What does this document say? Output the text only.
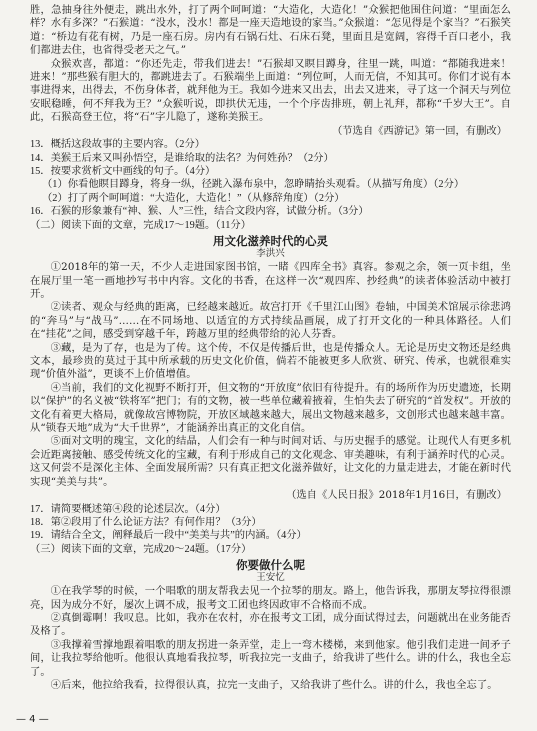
胜，急抽身往外便走，跳出水外，打了两个呵呵道：“大造化，大造化！”众猴把他围住问道：“里面怎么样？水有多深？”石猴道：“没水，没水！都是一座天造地设的家当。”众猴道：“怎见得是个家当？”石猴笑道：“桥边有花有树，乃是一座石房。房内有石锅石灶、石床石凳，里面且是宽阔，容得千百口老小，我们都进去住，也省得受老天之气。”

众猴欢喜，都道：“你还先走，带我们进去！”石猴却又瞑目蹲身，往里一跳，叫道：“都随我进来！进来！”那些猴有胆大的，都跳进去了。石猴端坐上面道：“列位呵，人而无信，不知其可。你们才说有本事进得来，出得去，不伤身体者，就拜他为王。我如今进来又出去，出去又进来，寻了这一个洞天与列位安眠稳睡，何不拜我为王？”众猴听说，即拱伏无违，一个个序齿排班，朝上礼拜，都称“千岁大王”。自此，石猴高登王位，将“石”字儿隐了，遂称美猴王。

（节选自《西游记》第一回，有删改）

13．概括这段故事的主要内容。（2分）

14．美猴王后来又叫孙悟空，是谁给取的法名？为何姓孙？（2分）

15．按要求赏析文中画线的句子。（4分）

（1）你看他瞑目蹲身，将身一纵，径跳入瀑布泉中，忽睁睛抬头观看。（从描写角度）（2分）

（2）打了两个呵呵道：“大造化，大造化！”（从修辞角度）（2分）

16．石猴的形象兼有“神、猴、人”三性，结合文段内容，试做分析。（3分）

（二）阅读下面的文章，完成17～19题。（11分）

用文化滋养时代的心灵

李洪兴

①2018年的第一天，不少人走进国家图书馆，一睹《四库全书》真容。参观之余，领一页卡组，坐在展厅里一笔一画地抄写书中内容。文化的书香，在这样一次“观四库、抄经典”的读者体验活动中被打开。

②读者、观众与经典的距离，已经越来越近。故宫打开《千里江山图》卷轴，中国美术馆展示徐悲鸿的“奔马”与“战马”……在不同场地、以适宜的方式持续品画展，成了打开文化的一种具体路径。人们在“挂花”之间，感受到穿越千年，跨越万里的经典带给的沁人芬香。

③藏，是为了存，也是为了传。这个传，不仅是传播后世，也是传播众人。无论是历史文物还是经典文本，最珍贵的莫过于其中所承载的历史文化价值，倘若不能被更多人欣赏、研究、传承，也就很难实现“价值外溢”，更谈不上价值增值。

④当前，我们的文化视野不断打开，但文物的“开放度”依旧有待提升。有的场所作为历史遗迹，长期以“保护”的名义被“铁将军”把门；有的文物，被一些单位藏着掖着，生怕失去了研究的“首发权”。开放的文化有着更大格局，就像故宫博物院，开放区域越来越大，展出文物越来越多，文创形式也越来越丰富。从“锁春天地”成为“大千世界”，才能涵养出真正的文化自信。

⑤面对文明的瑰宝，文化的结晶，人们会有一种与时间对话、与历史握手的感觉。让现代人有更多机会近距离接触、感受传统文化的宝藏，有利于形成自己的文化观念、审美趣味，有利于涵养时代的心灵。这又何尝不是深化主体、全面发展所需？只有真正把文化滋养做好，让文化的力量走进去，才能在新时代实现“美美与共”。

（选自《人民日报》2018年1月16日，有删改）

17．请简要概述第④段的论述层次。（4分）

18．第②段用了什么论证方法？有何作用？（3分）

19．请结合全文，阐释最后一段中“美美与共”的内涵。（4分）

（三）阅读下面的文章，完成20～24题。（17分）

你要做什么呢

王安忆

①在我学琴的时候，一个唱歌的朋友帮我去见一个拉琴的朋友。路上，他告诉我，那朋友琴拉得很漂亮，因为成分不好，屡次上调不成，报考文工团也终因政审不合格而不成。

②真倒霉啊！我叹息。比如，我亦在农村，亦在报考文工团，成分面试得过去，问题就出在业务能否及格了。

③我撑着雪撑地跟着唱歌的朋友拐进一条弄堂，走上一弯木楼梯，来到他家。他引我们走进一间矛子间，让我拉琴给他听。他很认真地看我拉琴，听我拉完一支曲子，给我讲了些什么。讲的什么，我也全忘了。

④后来，他拉给我看，拉得很认真，拉完一支曲子，又给我讲了些什么。讲的什么，我也全忘了。

— 4 —
